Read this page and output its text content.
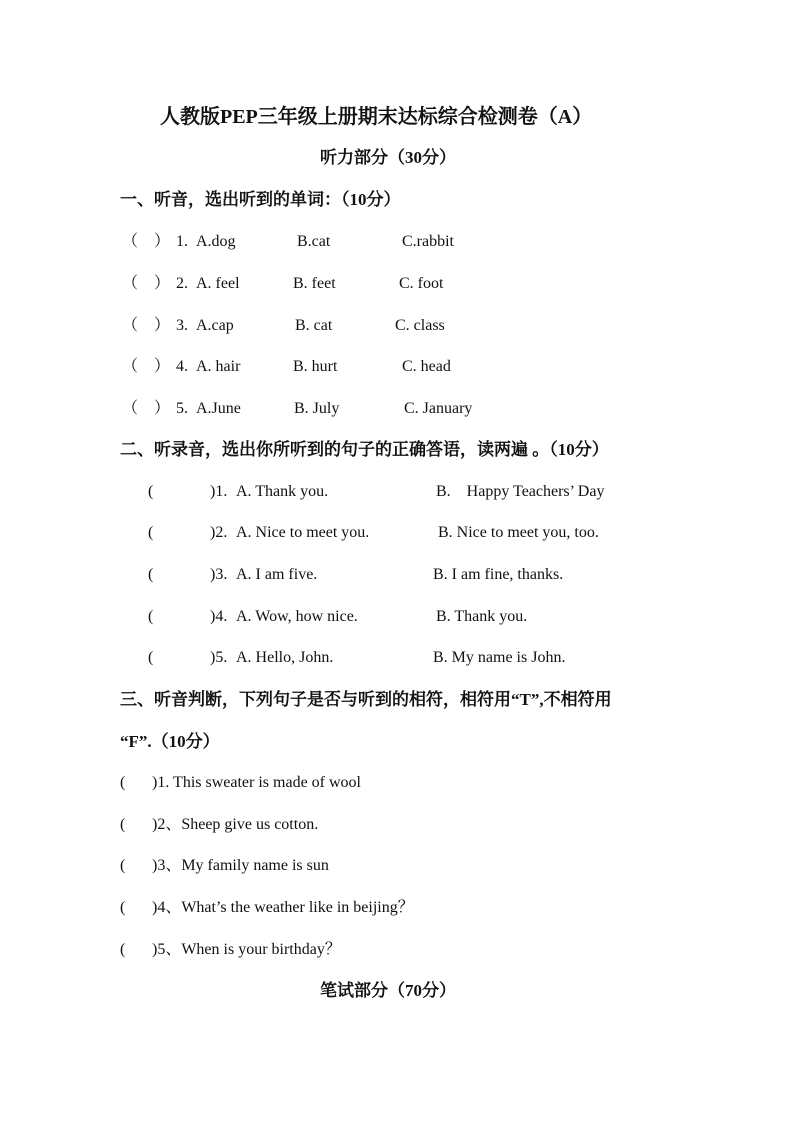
人教版PEP三年级上册期末达标综合检测卷（A）
听力部分（30分）
一、听音，选出听到的单词：（10分）
（    ） 1. A.dog	B.cat	C.rabbit
（    ） 2. A. feel	B. feet	C. foot
（    ） 3. A.cap	B. cat	C. class
（    ） 4. A. hair	B. hurt	C. head
（    ） 5. A.June	B. July	C. January
二、听录音，选出你所听到的句子的正确答语，读两遍 。（10分）
(	)1. A. Thank you.	B.    Happy Teachers’ Day
(	)2. A. Nice to meet you.	B. Nice to meet you, too.
(	)3. A. I am five.	B. I am fine, thanks.
(	)4. A. Wow, how nice.	B. Thank you.
(	)5. A. Hello, John.	B. My name is John.
三、听音判断，下列句子是否与听到的相符，相符用“T”,不相符用
“F”.（10分）
( )1. This sweater is made of wool
( )2、Sheep give us cotton.
( )3、My family name is sun
( )4、What’s the weather like in beijing？
( )5、When is your birthday？
笔试部分（70分）
